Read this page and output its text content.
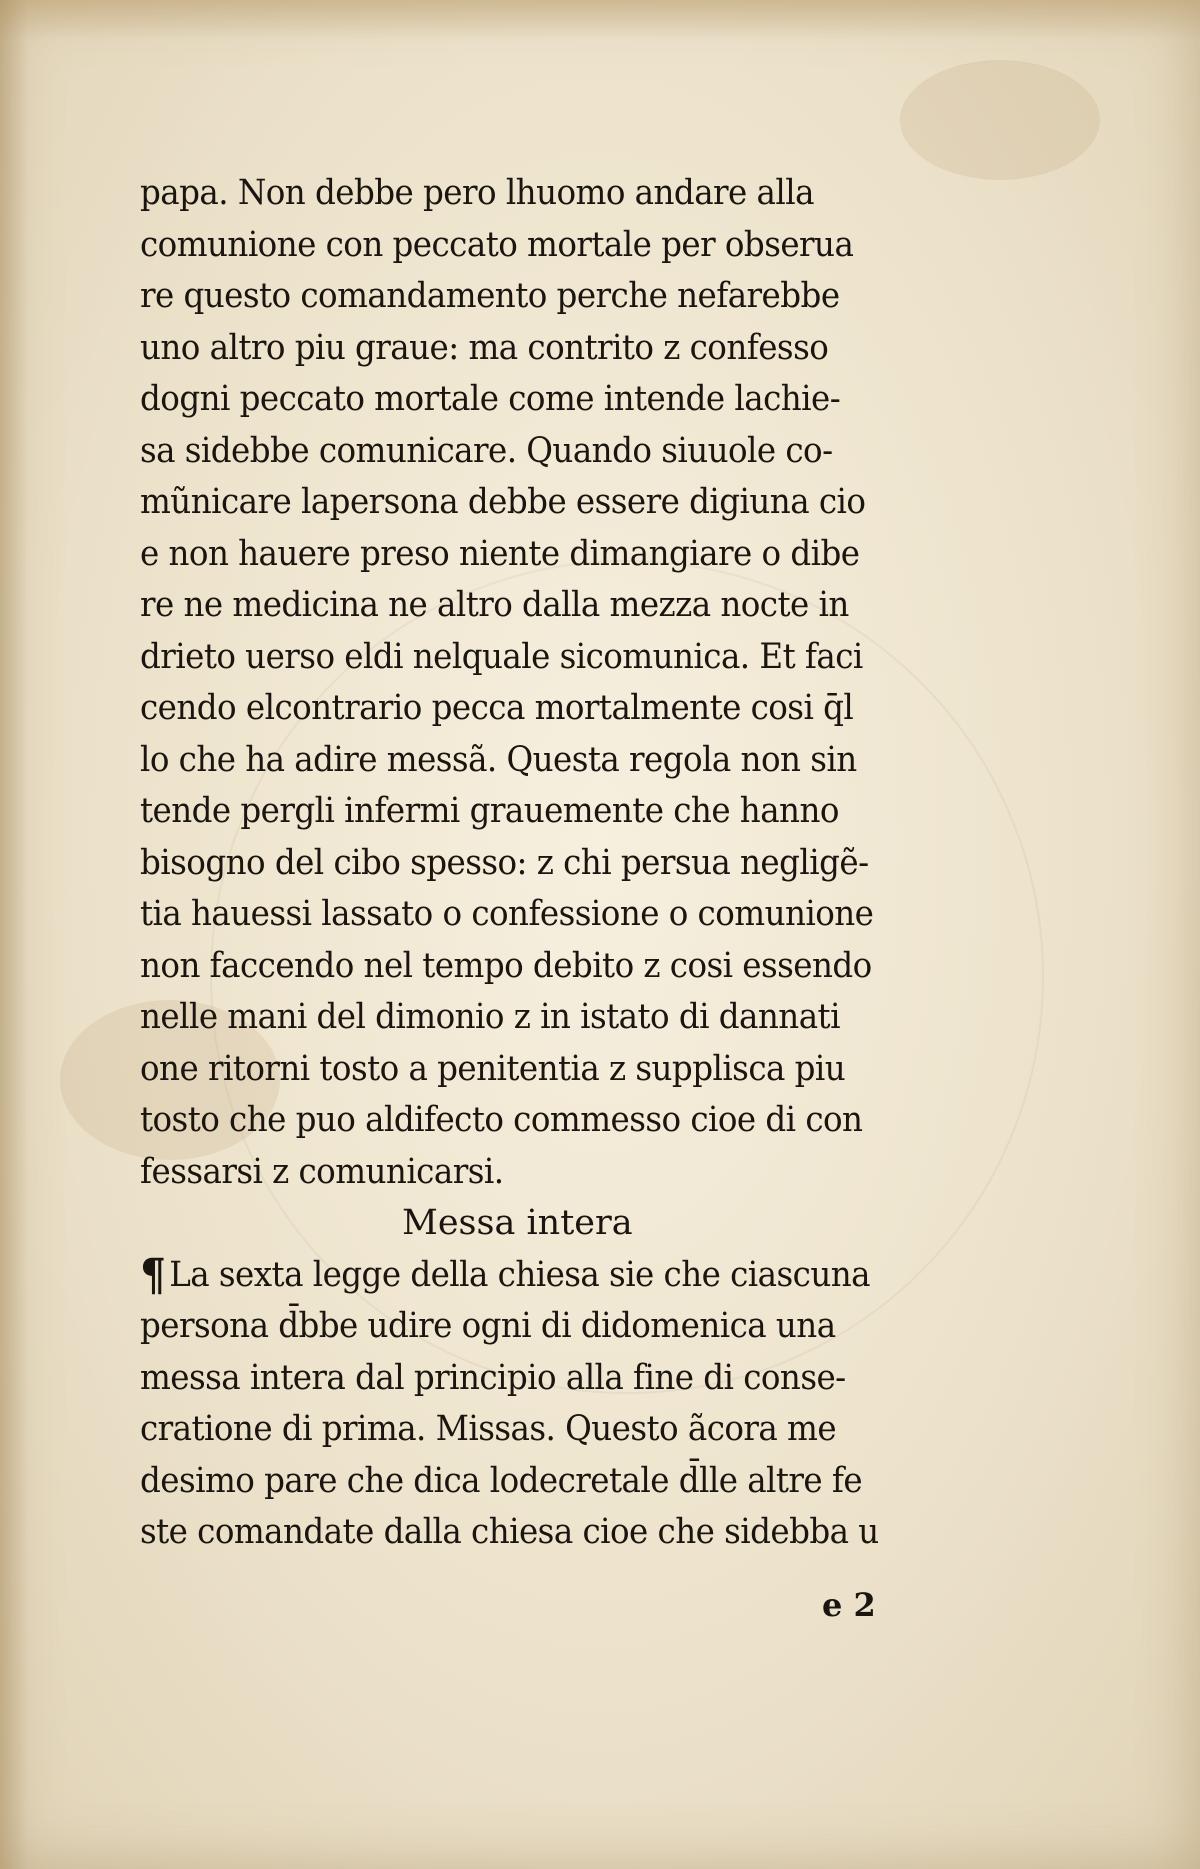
papa. Non debbe pero lhuomo andare alla
comunione con peccato mortale per obserua
re questo comandamento perche nefarebbe
uno altro piu graue: ma contrito z confesso
dogni peccato mortale come intende lachie-
sa sidebbe comunicare. Quando siuuole co-
mũnicare lapersona debbe essere digiuna cio
e non hauere preso niente dimangiare o dibe
re ne medicina ne altro dalla mezza nocte in
drieto uerso eldi nelquale sicomunica. Et faci
cendo elcontrario pecca mortalmente cosi q̄l
lo che ha adire messã. Questa regola non sin
tende pergli infermi grauemente che hanno
bisogno del cibo spesso: z chi persua negligẽ-
tia hauessi lassato o confessione o comunione
non faccendo nel tempo debito z cosi essendo
nelle mani del dimonio z in istato di dannati
one ritorni tosto a penitentia z supplisca piu
tosto che puo aldifecto commesso cioe di con
fessarsi z comunicarsi.
Messa intera
¶ La sexta legge della chiesa sie che ciascuna
persona d̄bbe udire ogni di didomenica una
messa intera dal principio alla fine di conse-
cratione di prima. Missas. Questo ãcora me
desimo pare che dica lodecretale d̄lle altre fe
ste comandate dalla chiesa cioe che sidebba u
e 2
